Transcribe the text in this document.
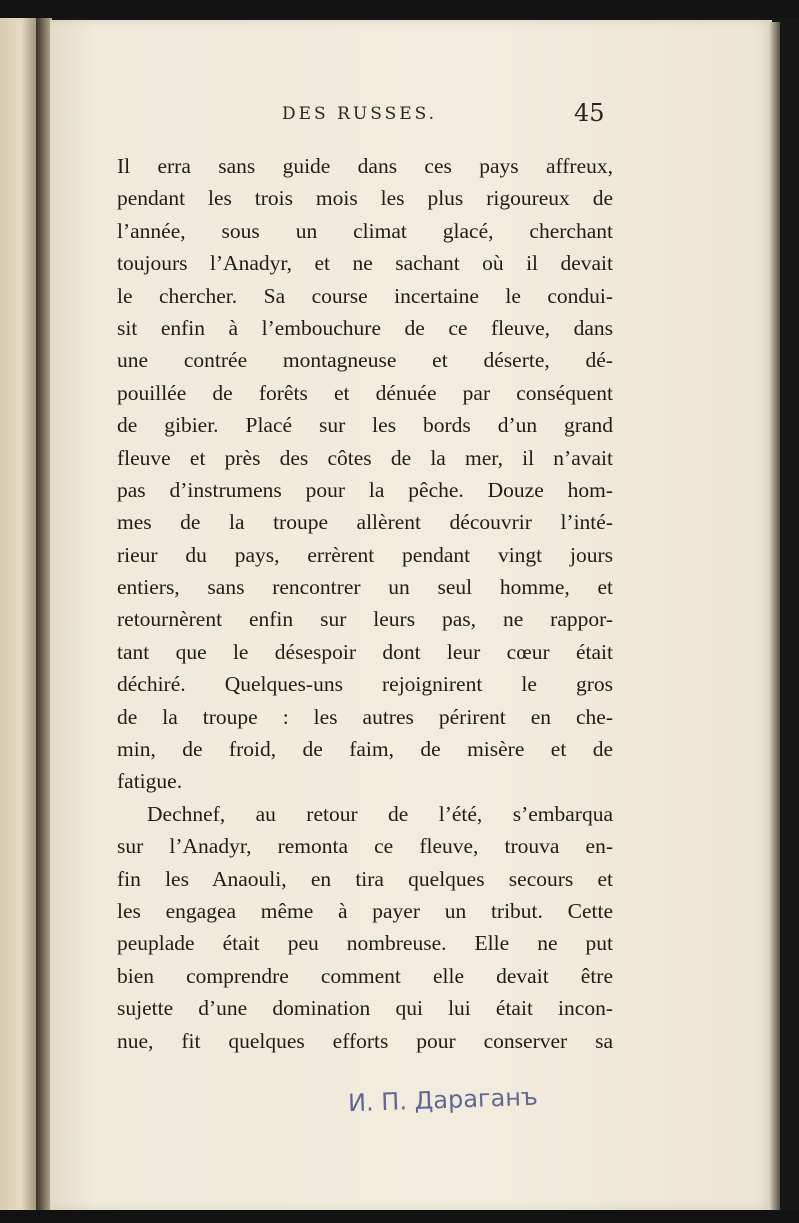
DES RUSSES.	45
Il erra sans guide dans ces pays affreux,
pendant les trois mois les plus rigoureux de
l’année, sous un climat glacé, cherchant
toujours l’Anadyr, et ne sachant où il devait
le chercher. Sa course incertaine le condui-
sit enfin à l’embouchure de ce fleuve, dans
une contrée montagneuse et déserte, dé-
pouillée de forêts et dénuée par conséquent
de gibier. Placé sur les bords d’un grand
fleuve et près des côtes de la mer, il n’avait
pas d’instrumens pour la pêche. Douze hom-
mes de la troupe allèrent découvrir l’inté-
rieur du pays, errèrent pendant vingt jours
entiers, sans rencontrer un seul homme, et
retournèrent enfin sur leurs pas, ne rappor-
tant que le désespoir dont leur cœur était
déchiré. Quelques-uns rejoignirent le gros
de la troupe : les autres périrent en che-
min, de froid, de faim, de misère et de
fatigue.
Dechnef, au retour de l’été, s’embarqua
sur l’Anadyr, remonta ce fleuve, trouva en-
fin les Anaouli, en tira quelques secours et
les engagea même à payer un tribut. Cette
peuplade était peu nombreuse. Elle ne put
bien comprendre comment elle devait être
sujette d’une domination qui lui était incon-
nue, fit quelques efforts pour conserver sa
И. П. Дараганъ
